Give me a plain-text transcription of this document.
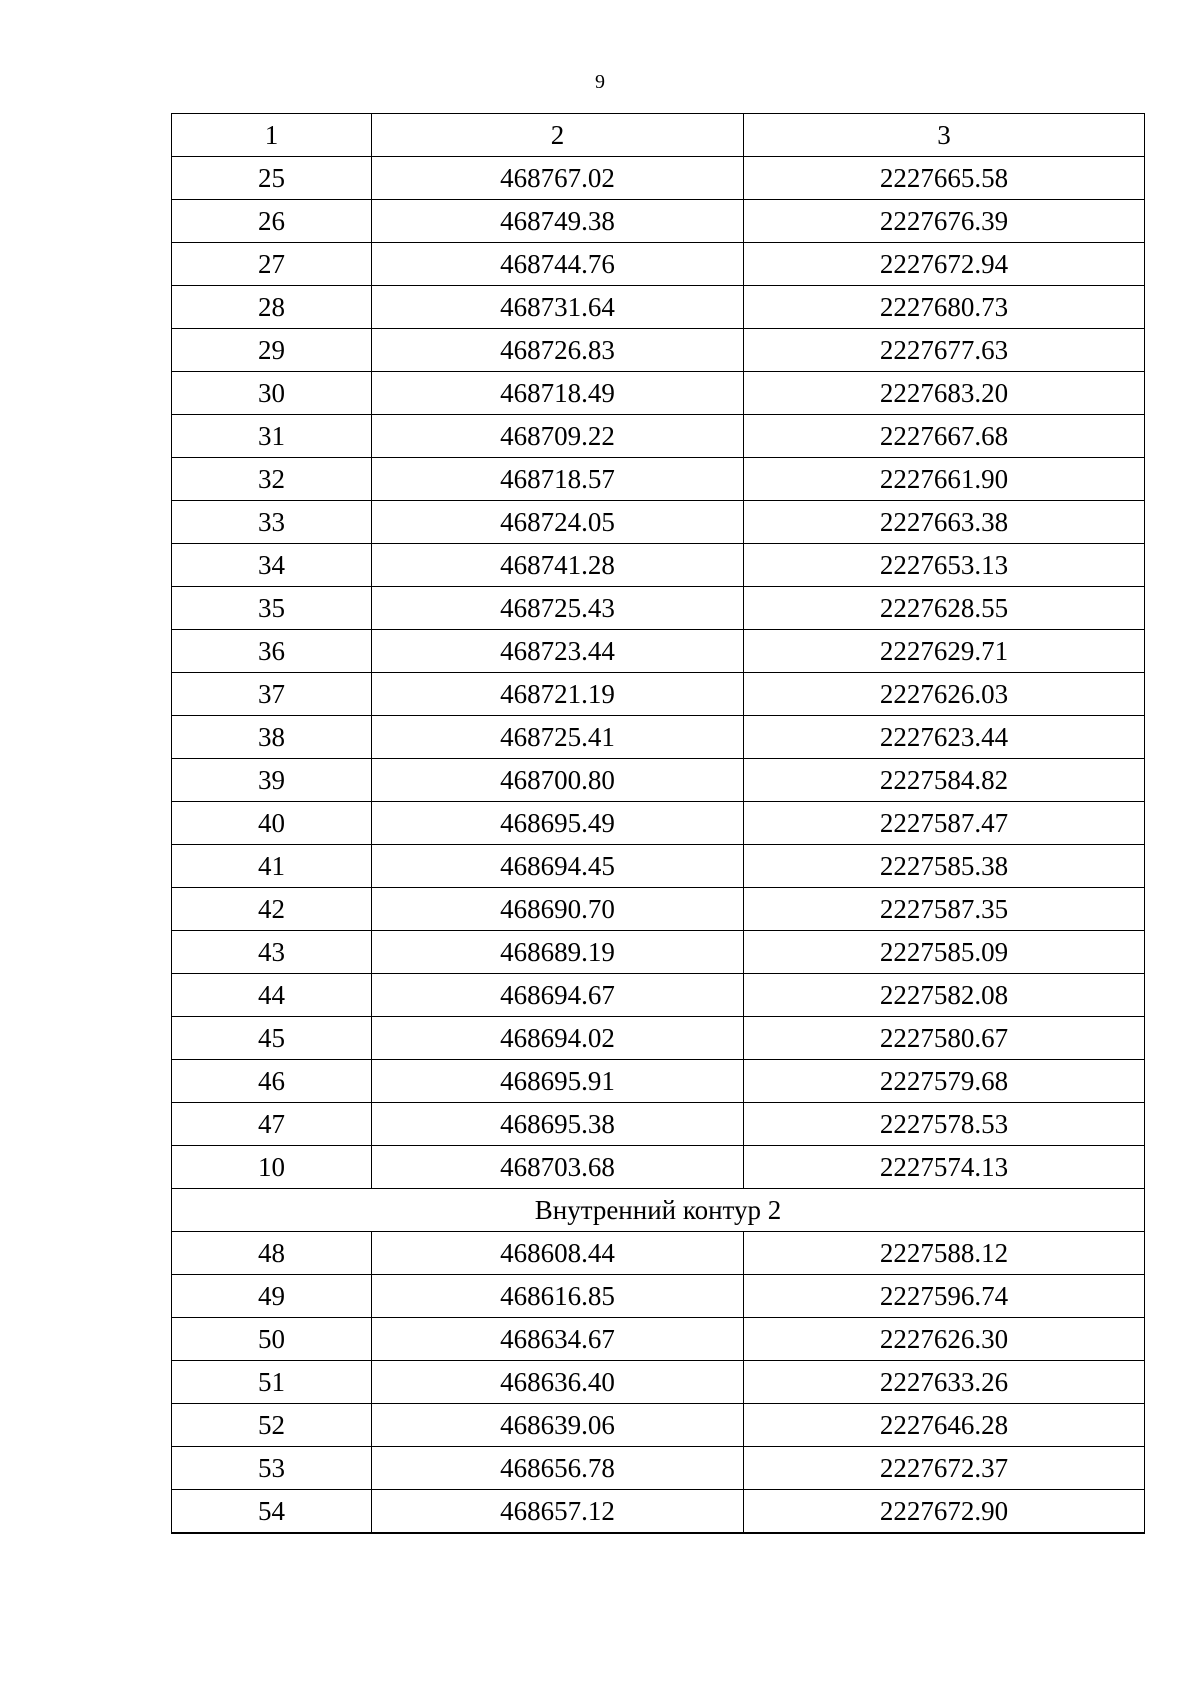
9
1	2	3
25	468767.02	2227665.58
26	468749.38	2227676.39
27	468744.76	2227672.94
28	468731.64	2227680.73
29	468726.83	2227677.63
30	468718.49	2227683.20
31	468709.22	2227667.68
32	468718.57	2227661.90
33	468724.05	2227663.38
34	468741.28	2227653.13
35	468725.43	2227628.55
36	468723.44	2227629.71
37	468721.19	2227626.03
38	468725.41	2227623.44
39	468700.80	2227584.82
40	468695.49	2227587.47
41	468694.45	2227585.38
42	468690.70	2227587.35
43	468689.19	2227585.09
44	468694.67	2227582.08
45	468694.02	2227580.67
46	468695.91	2227579.68
47	468695.38	2227578.53
10	468703.68	2227574.13
Внутренний контур 2		
48	468608.44	2227588.12
49	468616.85	2227596.74
50	468634.67	2227626.30
51	468636.40	2227633.26
52	468639.06	2227646.28
53	468656.78	2227672.37
54	468657.12	2227672.90
